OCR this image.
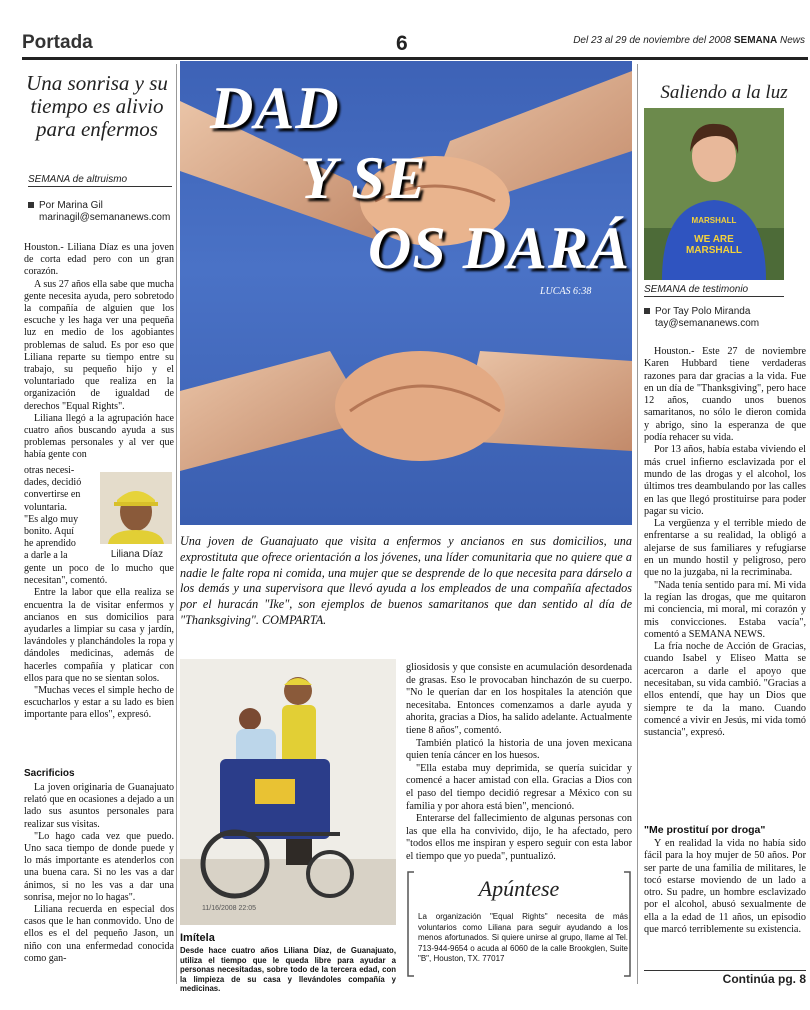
Portada	6	Del 23 al 29 de noviembre del 2008 SEMANA News
Una sonrisa y su tiempo es alivio para enfermos
SEMANA de altruismo
Por Marina Gil
marinagil@semananews.com

Houston.- Liliana Díaz es una joven de corta edad pero con un gran corazón.

A sus 27 años ella sabe que mucha gente necesita ayuda, pero sobretodo la compañía de alguien que los escuche y les haga ver una pequeña luz en medio de los agobiantes problemas de salud. Es por eso que Liliana reparte su tiempo entre su trabajo, su pequeño hijo y el voluntariado que realiza en la organización de igualdad de derechos "Equal Rights".

Liliana llegó a la agrupación hace cuatro años buscando ayuda a sus problemas personales y al ver que había gente con

otras necesi-
dades, decidió
convertirse en
voluntaria.
"Es algo muy
bonito. Aquí
he aprendido
a darle a la	Liliana Díaz

gente un poco de lo mucho que necesitan", comentó.

Entre la labor que ella realiza se encuentra la de visitar enfermos y ancianos en sus domicilios para ayudarles a limpiar su casa y jardín, lavándoles y planchándoles la ropa y dándoles medicinas, además de hacerles compañía y platicar con ellos para que no se sientan solos.

"Muchas veces el simple hecho de escucharlos y estar a su lado es bien importante para ellos", expresó.

Sacrificios

La joven originaria de Guanajuato relató que en ocasiones a dejado a un lado sus asuntos personales para realizar sus visitas.

"Lo hago cada vez que puedo. Uno saca tiempo de donde puede y lo más importante es atenderlos con una buena cara. Si no les vas a dar ánimos, si no les vas a dar una sonrisa, mejor no lo hagas".

Liliana recuerda en especial dos casos que le han conmovido. Uno de ellos es el del pequeño Jason, un niño con una enfermedad conocida como gan-

DAD
Y SE
OS DARÁ
LUCAS 6:38
Una joven de Guanajuato que visita a enfermos y ancianos en sus domicilios, una exprostituta que ofrece orientación a los jóvenes, una líder comunitaria que no quiere que a nadie le falte ropa ni comida, una mujer que se desprende de lo que necesita para dárselo a los demás y una supervisora que llevó ayuda a los empleados de una compañía afectados por el huracán "Ike", son ejemplos de buenos samaritanos que dan sentido al día de "Thanksgiving". COMPARTA.
11/16/2008 22:05
Imítela
Desde hace cuatro años Liliana Díaz, de Guanajuato, utiliza el tiempo que le queda libre para ayudar a personas necesitadas, sobre todo de la tercera edad, con la limpieza de su casa y llevándoles compañía y medicinas.

gliosidosis y que consiste en acumulación desordenada de grasas. Eso le provocaban hinchazón de su cuerpo. "No le querían dar en los hospitales la atención que necesitaba. Entonces comenzamos a darle ayuda y ahorita, gracias a Dios, ha salido adelante. Actualmente tiene 8 años", comentó.

También platicó la historia de una joven mexicana quien tenía cáncer en los huesos.

"Ella estaba muy deprimida, se quería suicidar y comencé a hacer amistad con ella. Gracias a Dios con el paso del tiempo decidió regresar a México con su familia y por ahora está bien", mencionó.

Enterarse del fallecimiento de algunas personas con las que ella ha convivido, dijo, le ha afectado, pero "todos ellos me inspiran y espero seguir con esta labor el tiempo que yo pueda", puntualizó.

Apúntese
La organización "Equal Rights" necesita de más voluntarios como Liliana para seguir ayudando a los menos afortunados. Si quiere unirse al grupo, llame al Tel. 713-944-9654 o acuda al 6060 de la calle Brookglen, Suite "B", Houston, TX. 77017
Saliendo a la luz
MARSHALL
WE ARE MARSHALL
SEMANA de testimonio
Por Tay Polo Miranda
tay@semananews.com

Houston.- Este 27 de noviembre Karen Hubbard tiene verdaderas razones para dar gracias a la vida. Fue en un día de "Thanksgiving", pero hace 12 años, cuando unos buenos samaritanos, no sólo le dieron comida y abrigo, sino la esperanza de que podía rehacer su vida.

Por 13 años, había estaba viviendo el más cruel infierno esclavizada por el mundo de las drogas y el alcohol, los últimos tres deambulando por las calles en las que llegó prostituirse para poder pagar su vicio.

La vergüenza y el terrible miedo de enfrentarse a su realidad, la obligó a alejarse de sus familiares y refugiarse en un mundo hostil y peligroso, pero que no la juzgaba, ni la recriminaba.

"Nada tenía sentido para mí. Mi vida la regían las drogas, que me quitaron mi conciencia, mi moral, mi corazón y mis convicciones. Estaba vacía", comentó a SEMANA NEWS.

La fría noche de Acción de Gracias, cuando Isabel y Eliseo Matta se acercaron a darle el apoyo que necesitaban, su vida cambió. "Gracias a ellos entendí, que hay un Dios que siempre te da la mano. Cuando comencé a vivir en Jesús, mi vida tomó sustancia", expresó.

"Me prostituí por droga"

Y en realidad la vida no había sido fácil para la hoy mujer de 50 años. Por ser parte de una familia de militares, le tocó estarse moviendo de un lado a otro. Su padre, un hombre esclavizado por el alcohol, abusó sexualmente de ella a la edad de 11 años, un episodio que marcó terriblemente su existencia.

Continúa pg. 8
